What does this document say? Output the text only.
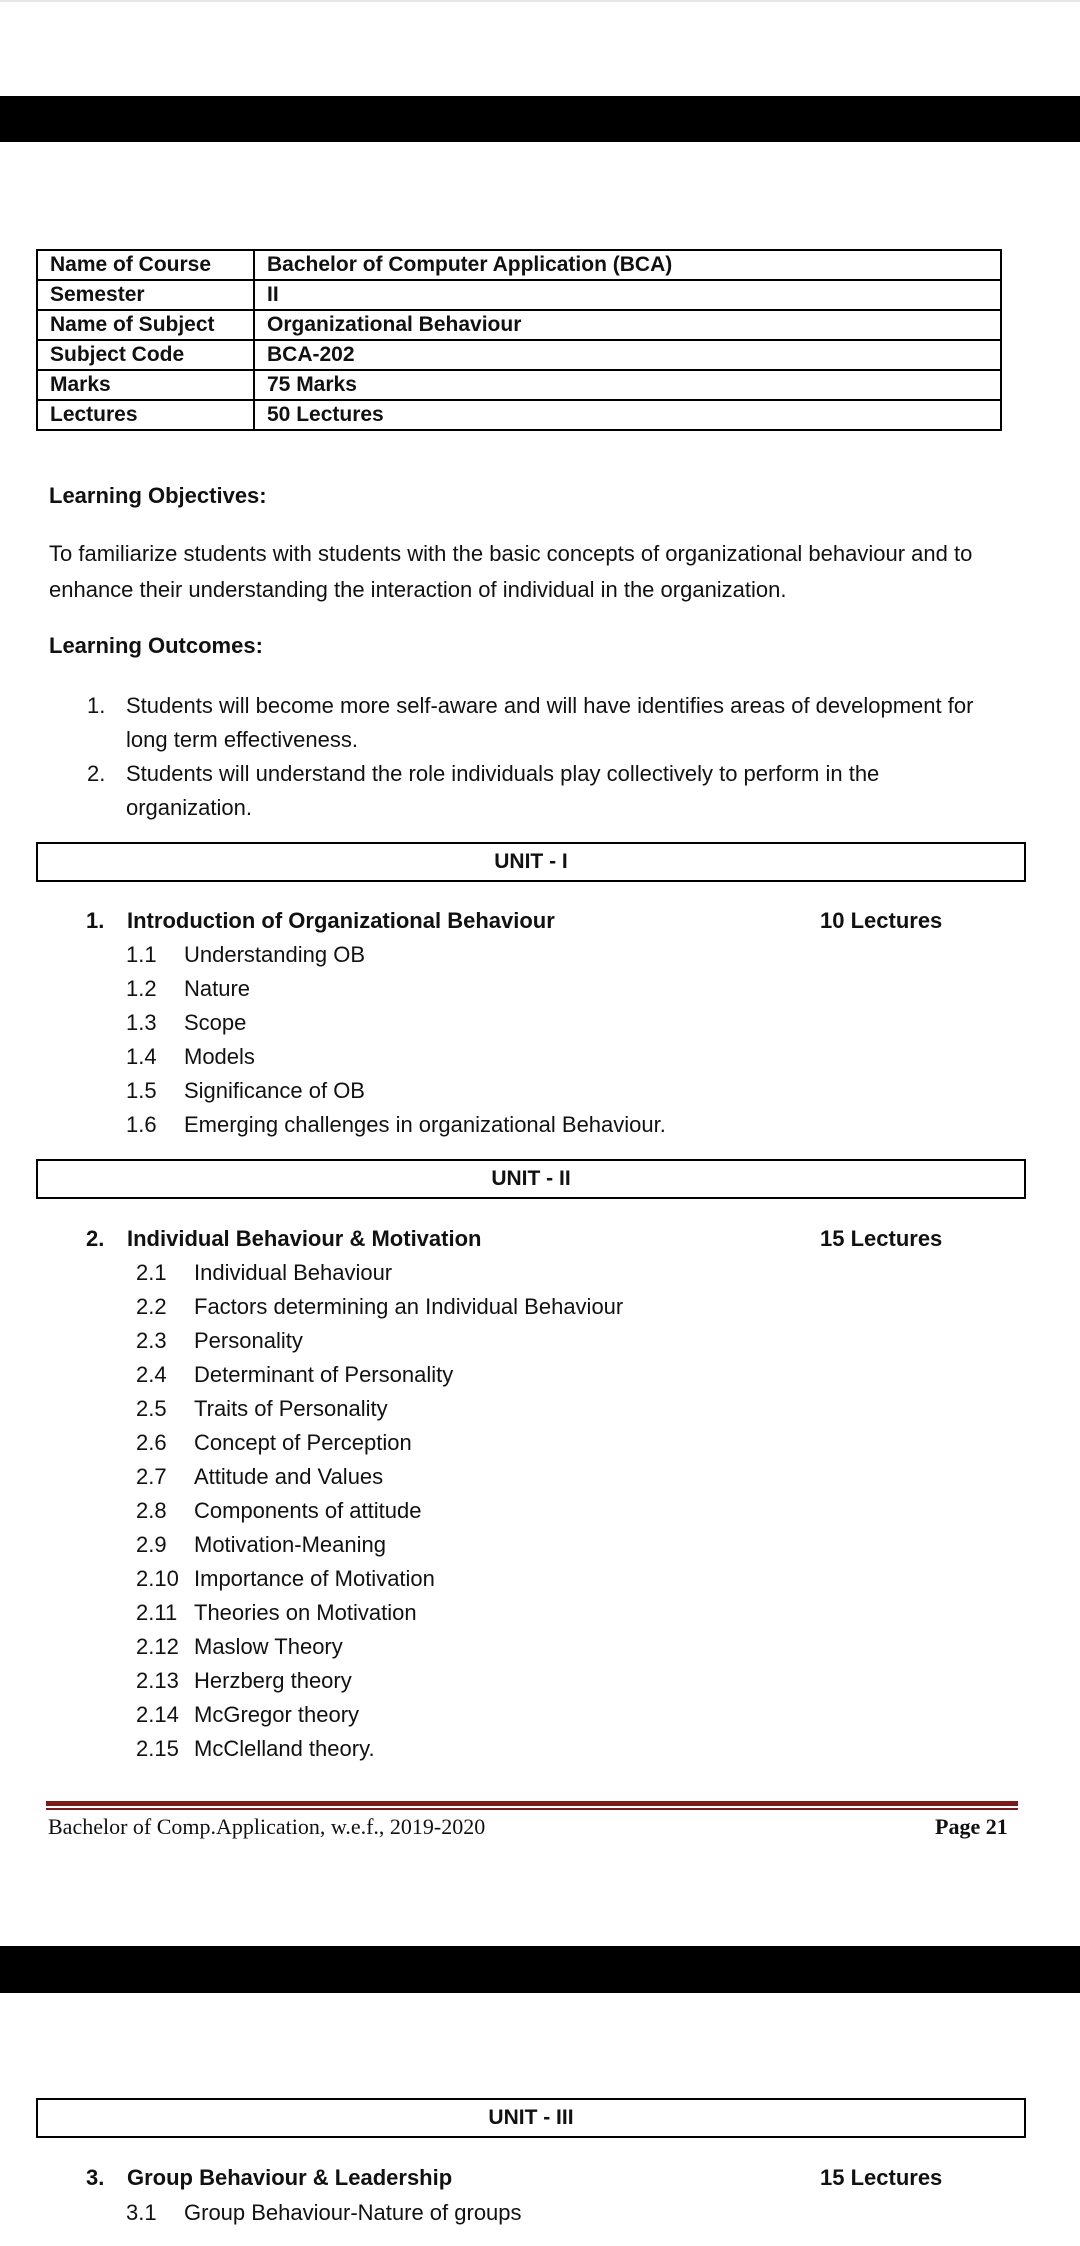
Name of Course	Bachelor of Computer Application (BCA)
Semester	II
Name of Subject	Organizational Behaviour
Subject Code	BCA-202
Marks	75 Marks
Lectures	50 Lectures
Learning Objectives:
To familiarize students with students with the basic concepts of organizational behaviour and to enhance their understanding the interaction of individual in the organization.
Learning Outcomes:
1. Students will become more self-aware and will have identifies areas of development for long term effectiveness.
2. Students will understand the role individuals play collectively to perform in the organization.
UNIT - I
1. Introduction of Organizational Behaviour	10 Lectures
1.1 Understanding OB
1.2 Nature
1.3 Scope
1.4 Models
1.5 Significance of OB
1.6 Emerging challenges in organizational Behaviour.
UNIT - II
2. Individual Behaviour & Motivation	15 Lectures
2.1 Individual Behaviour
2.2 Factors determining an Individual Behaviour
2.3 Personality
2.4 Determinant of Personality
2.5 Traits of Personality
2.6 Concept of Perception
2.7 Attitude and Values
2.8 Components of attitude
2.9 Motivation-Meaning
2.10 Importance of Motivation
2.11 Theories on Motivation
2.12 Maslow Theory
2.13 Herzberg theory
2.14 McGregor theory
2.15 McClelland theory.
Bachelor of Comp.Application, w.e.f., 2019-2020	Page 21
UNIT - III
3. Group Behaviour & Leadership	15 Lectures
3.1 Group Behaviour-Nature of groups
